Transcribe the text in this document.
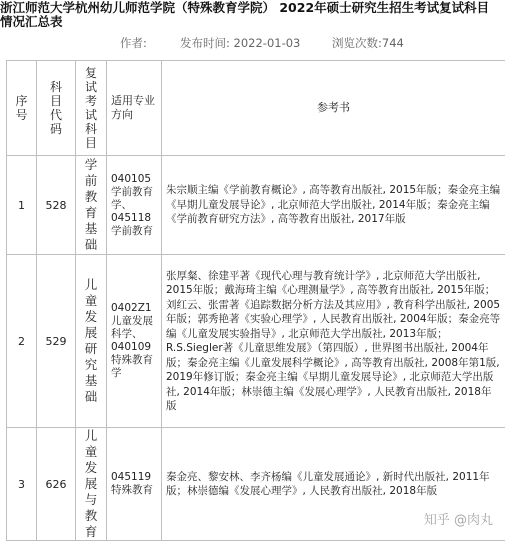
浙江师范大学杭州幼儿师范学院（特殊教育学院） 2022年硕士研究生招生考试复试科目
情况汇总表
作者:	发布时间: 2022-01-03	浏览次数:744
序号	科目代码	复试考试科目	适用专业方向	参考书
1	528	学前教育基础	040105 学前教育学、045118 学前教育	朱宗顺主编《学前教育概论》, 高等教育出版社, 2015年版；秦金亮主编《早期儿童发展导论》, 北京师范大学出版社, 2014年版；秦金亮主编《学前教育研究方法》, 高等教育出版社, 2017年版
2	529	儿童发展研究基础	0402Z1 儿童发展科学、040109 特殊教育学	张厚粲、徐建平著《现代心理与教育统计学》, 北京师范大学出版社, 2015年版；戴海琦主编《心理测量学》, 高等教育出版社, 2015年版；刘红云、张雷著《追踪数据分析方法及其应用》, 教育科学出版社, 2005年版；郭秀艳著《实验心理学》, 人民教育出版社, 2004年版；秦金亮等编《儿童发展实验指导》, 北京师范大学出版社, 2013年版；R.S.Siegler著《儿童思维发展》（第四版）, 世界图书出版社, 2004年版；秦金亮主编《儿童发展科学概论》, 高等教育出版社, 2008年第1版, 2019年修订版；秦金亮主编《早期儿童发展导论》, 北京师范大学出版社, 2014年版；林崇德主编《发展心理学》, 人民教育出版社, 2018年版
3	626	儿童发展与教育	045119 特殊教育	秦金亮、黎安林、李齐杨编《儿童发展通论》, 新时代出版社, 2011年版；林崇德编《发展心理学》, 人民教育出版社, 2018年版
知乎 @肉丸
